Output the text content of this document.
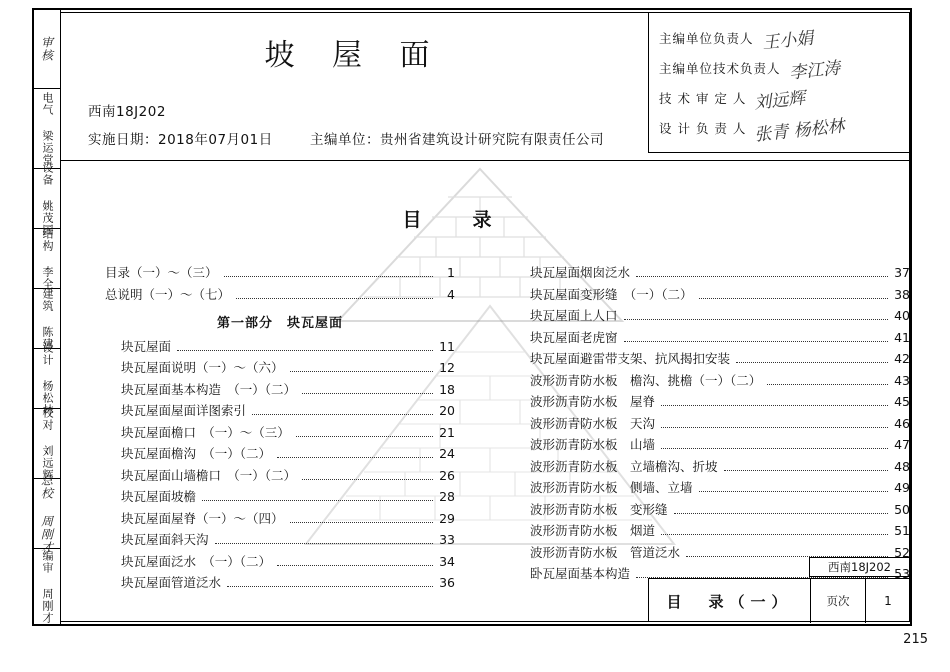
审核
电气 梁运堂
设备 姚茂国
结构 李全
建筑 陈建
设计 杨松林
校对 刘远辉
总校 周刚才
编审 周刚才
坡 屋 面
西南18J202
实施日期：2018年07月01日	主编单位：贵州省建筑设计研究院有限责任公司
主编单位负责人 王小娟
主编单位技术负责人 李江涛
技 术 审 定 人 刘远辉
设 计 负 责 人 张青 杨松林
目　录
目录（一）～（三）	1
总说明（一）～（七）	4
第一部分　块瓦屋面
块瓦屋面	11
块瓦屋面说明（一）～（六）	12
块瓦屋面基本构造　（一）（二）	18
块瓦屋面屋面详图索引	20
块瓦屋面檐口　（一）～（三）	21
块瓦屋面檐沟　（一）（二）	24
块瓦屋面山墙檐口　（一）（二）	26
块瓦屋面坡檐	28
块瓦屋面屋脊（一）～（四）	29
块瓦屋面斜天沟	33
块瓦屋面泛水　（一）（二）	34
块瓦屋面管道泛水	36
块瓦屋面烟囱泛水	37
块瓦屋面变形缝　（一）（二）	38
块瓦屋面上人口	40
块瓦屋面老虎窗	41
块瓦屋面避雷带支架、抗风揭扣安装	42
波形沥青防水板　檐沟、挑檐（一）（二）	43
波形沥青防水板　屋脊	45
波形沥青防水板　天沟	46
波形沥青防水板　山墙	47
波形沥青防水板　立墙檐沟、折坡	48
波形沥青防水板　侧墙、立墙	49
波形沥青防水板　变形缝	50
波形沥青防水板　烟道	51
波形沥青防水板　管道泛水	52
卧瓦屋面基本构造	53
西南18J202
目　录（一）	页次	1
215
